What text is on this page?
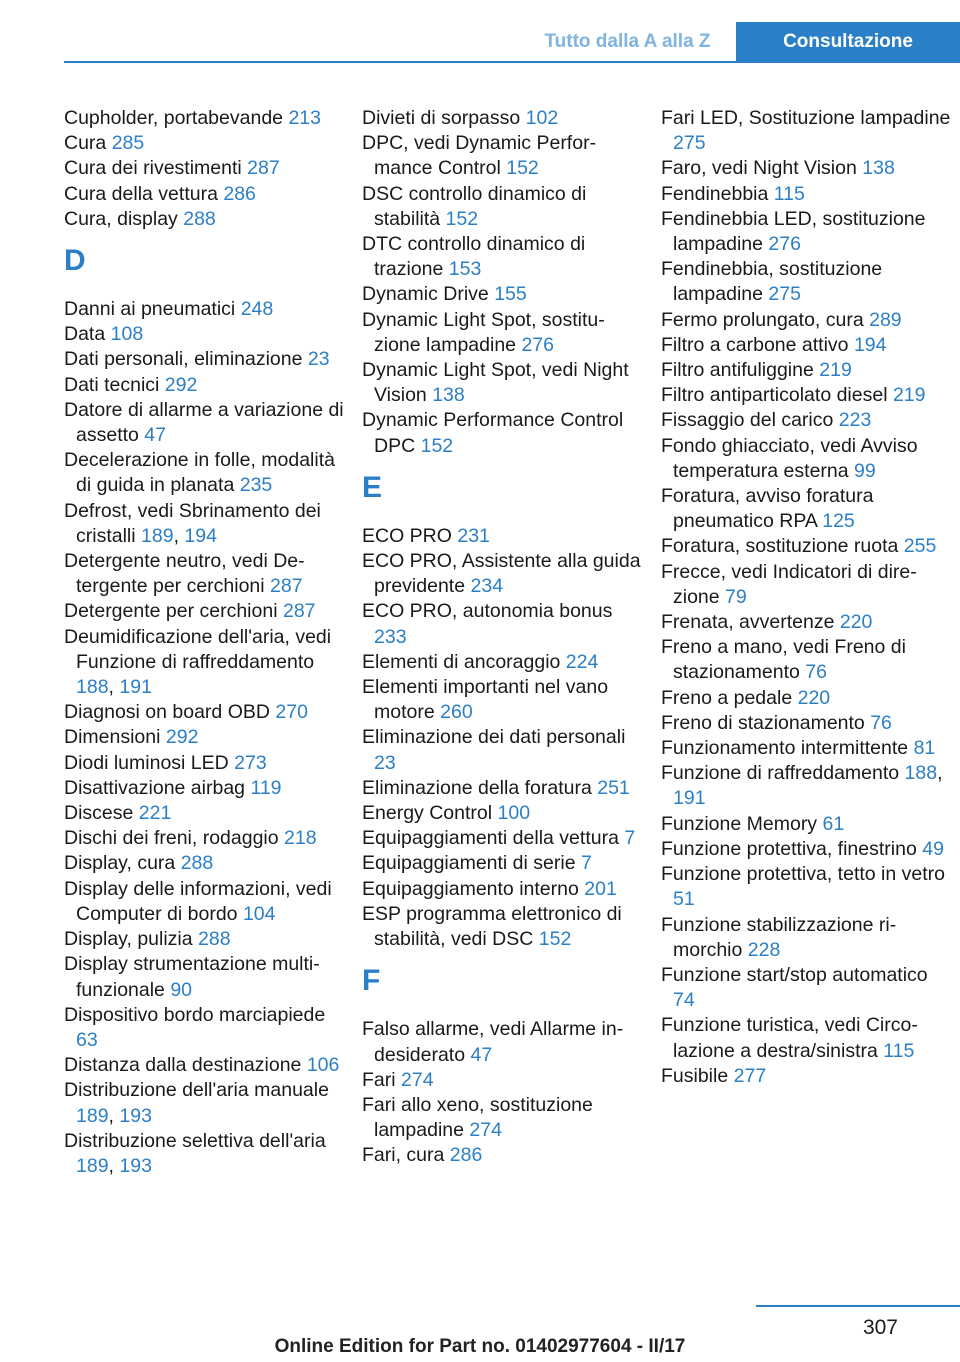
Tutto dalla A alla Z	Consultazione
Cupholder, portabevande 213
Cura 285
Cura dei rivestimenti 287
Cura della vettura 286
Cura, display 288
D
Danni ai pneumatici 248
Data 108
Dati personali, eliminazione 23
Dati tecnici 292
Datore di allarme a variazione di assetto 47
Decelerazione in folle, modalità di guida in planata 235
Defrost, vedi Sbrinamento dei cristalli 189, 194
Detergente neutro, vedi Detergente per cerchioni 287
Detergente per cerchioni 287
Deumidificazione dell'aria, vedi Funzione di raffreddamento 188, 191
Diagnosi on board OBD 270
Dimensioni 292
Diodi luminosi LED 273
Disattivazione airbag 119
Discese 221
Dischi dei freni, rodaggio 218
Display, cura 288
Display delle informazioni, vedi Computer di bordo 104
Display, pulizia 288
Display strumentazione multifunzionale 90
Dispositivo bordo marciapiede 63
Distanza dalla destinazione 106
Distribuzione dell'aria manuale 189, 193
Distribuzione selettiva dell'aria 189, 193
Divieti di sorpasso 102
DPC, vedi Dynamic Performance Control 152
DSC controllo dinamico di stabilità 152
DTC controllo dinamico di trazione 153
Dynamic Drive 155
Dynamic Light Spot, sostituzione lampadine 276
Dynamic Light Spot, vedi Night Vision 138
Dynamic Performance Control DPC 152
E
ECO PRO 231
ECO PRO, Assistente alla guida previdente 234
ECO PRO, autonomia bonus 233
Elementi di ancoraggio 224
Elementi importanti nel vano motore 260
Eliminazione dei dati personali 23
Eliminazione della foratura 251
Energy Control 100
Equipaggiamenti della vettura 7
Equipaggiamenti di serie 7
Equipaggiamento interno 201
ESP programma elettronico di stabilità, vedi DSC 152
F
Falso allarme, vedi Allarme indesiderato 47
Fari 274
Fari allo xeno, sostituzione lampadine 274
Fari, cura 286
Fari LED, Sostituzione lampadine 275
Faro, vedi Night Vision 138
Fendinebbia 115
Fendinebbia LED, sostituzione lampadine 276
Fendinebbia, sostituzione lampadine 275
Fermo prolungato, cura 289
Filtro a carbone attivo 194
Filtro antifuliggine 219
Filtro antiparticolato diesel 219
Fissaggio del carico 223
Fondo ghiacciato, vedi Avviso temperatura esterna 99
Foratura, avviso foratura pneumatico RPA 125
Foratura, sostituzione ruota 255
Frecce, vedi Indicatori di direzione 79
Frenata, avvertenze 220
Freno a mano, vedi Freno di stazionamento 76
Freno a pedale 220
Freno di stazionamento 76
Funzionamento intermittente 81
Funzione di raffreddamento 188, 191
Funzione Memory 61
Funzione protettiva, finestrino 49
Funzione protettiva, tetto in vetro 51
Funzione stabilizzazione rimorchio 228
Funzione start/stop automatico 74
Funzione turistica, vedi Circolazione a destra/sinistra 115
Fusibile 277
307
Online Edition for Part no. 01402977604 - II/17
